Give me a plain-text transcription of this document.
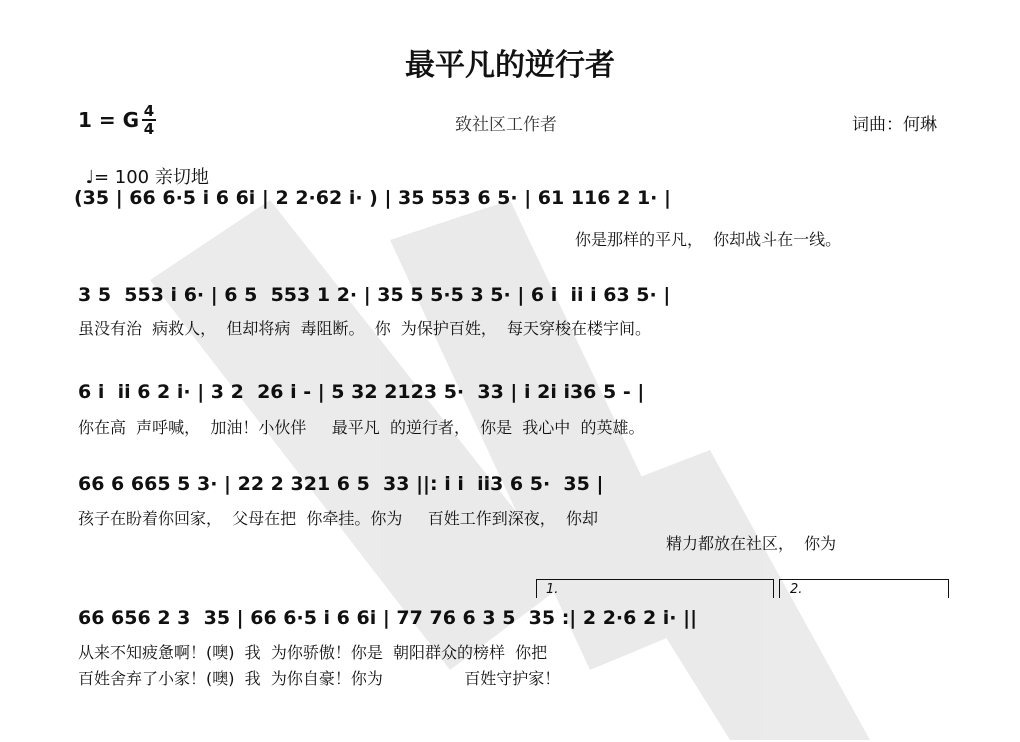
最平凡的逆行者
1 = G 4
4

♩= 100 亲切地

致社区工作者	词曲：何琳
(35 | 66 6·5 i 6 6i | 2 2·62 i· ) | 35 553 6 5· | 61 116 2 1· |
你是那样的平凡，  你却战斗在一线。
3 5  553 i 6· | 6 5  553 1 2· | 35 5 5·5 3 5· | 6 i  ii i 63 5· |
虽没有治  病救人，  但却将病  毒阻断。  你  为保护百姓，  每天穿梭在楼宇间。
6 i  ii 6 2 i· | 3 2  26 i - | 5 32 2123 5·  33 | i 2i i36 5 - |
你在高  声呼喊，  加油！小伙伴     最平凡  的逆行者，  你是  我心中  的英雄。
66 6 665 5 3· | 22 2 321 6 5  33 ||: i i  ii3 6 5·  35 |
孩子在盼着你回家，  父母在把  你牵挂。你为     百姓工作到深夜，  你却
精力都放在社区，  你为
1.	2.
66 656 2 3  35 | 66 6·5 i 6 6i | 77 76 6 3 5  35 :| 2 2·6 2 i· ||
从来不知疲惫啊！(噢)  我  为你骄傲！你是  朝阳群众的榜样  你把
百姓舍弃了小家！(噢)  我  为你自豪！你为                百姓守护家！
